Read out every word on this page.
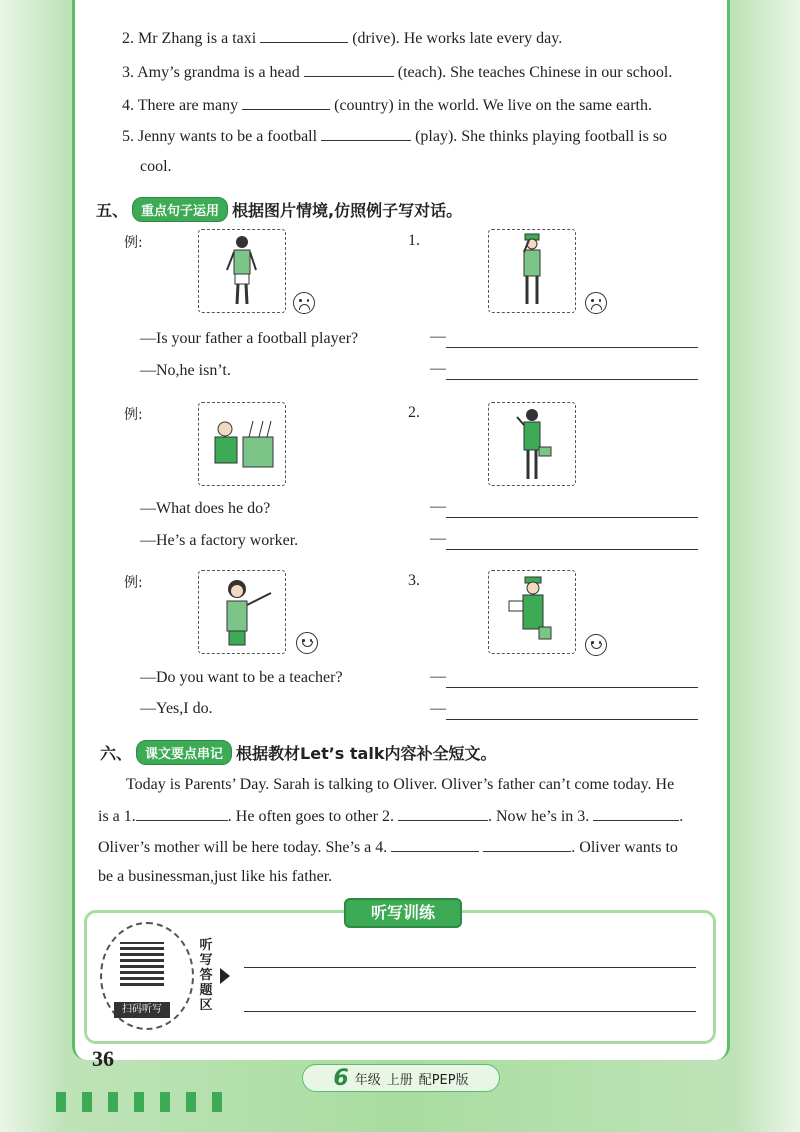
2. Mr Zhang is a taxi	(drive). He works late every day.
3. Amy’s grandma is a head	(teach). She teaches Chinese in our school.
4. There are many	(country) in the world. We live on the same earth.
5. Jenny wants to be a football	(play). She thinks playing football is so
cool.
五、	重点句子运用 根据图片情境,仿照例子写对话。
例:	1.
—Is your father a football player?
—No,he isn’t.
—
—
例:	2.
—What does he do?
—He’s a factory worker.
—
—
例:	3.
—Do you want to be a teacher?
—Yes,I do.
—
—
六、	课文要点串记 根据教材Let’s talk内容补全短文。
Today is Parents’ Day. Sarah is talking to Oliver. Oliver’s father can’t come today. He
is a 1.	. He often goes to other 2.	. Now he’s in 3.	.
Oliver’s mother will be here today. She’s a 4.	. Oliver wants to
be a businessman,just like his father.
听写训练
扫码听写
听写答题区
36
6 年级 上册 配PEP版
